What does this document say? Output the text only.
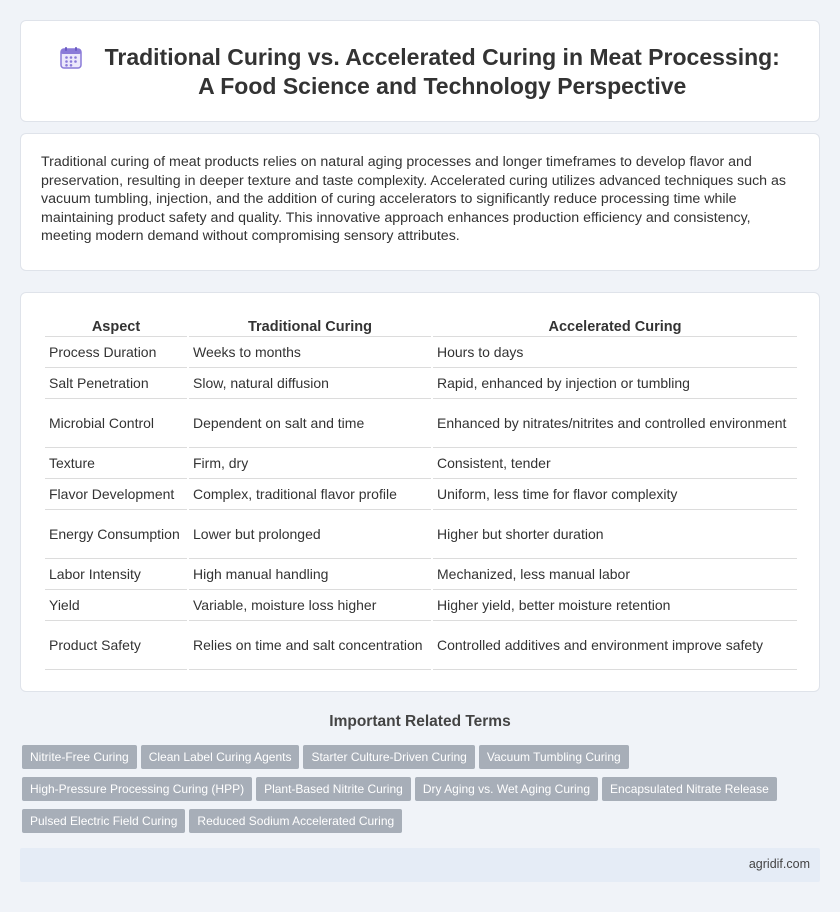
Traditional Curing vs. Accelerated Curing in Meat Processing: A Food Science and Technology Perspective

Traditional curing of meat products relies on natural aging processes and longer timeframes to develop flavor and preservation, resulting in deeper texture and taste complexity. Accelerated curing utilizes advanced techniques such as vacuum tumbling, injection, and the addition of curing accelerators to significantly reduce processing time while maintaining product safety and quality. This innovative approach enhances production efficiency and consistency, meeting modern demand without compromising sensory attributes.

Aspect	Traditional Curing	Accelerated Curing
Process Duration	Weeks to months	Hours to days
Salt Penetration	Slow, natural diffusion	Rapid, enhanced by injection or tumbling
Microbial Control	Dependent on salt and time	Enhanced by nitrates/nitrites and controlled environment
Texture	Firm, dry	Consistent, tender
Flavor Development	Complex, traditional flavor profile	Uniform, less time for flavor complexity
Energy Consumption	Lower but prolonged	Higher but shorter duration
Labor Intensity	High manual handling	Mechanized, less manual labor
Yield	Variable, moisture loss higher	Higher yield, better moisture retention
Product Safety	Relies on time and salt concentration	Controlled additives and environment improve safety
Important Related Terms
Nitrite-Free Curing Clean Label Curing Agents Starter Culture-Driven Curing Vacuum Tumbling Curing
High-Pressure Processing Curing (HPP) Plant-Based Nitrite Curing Dry Aging vs. Wet Aging Curing Encapsulated Nitrate Release
Pulsed Electric Field Curing Reduced Sodium Accelerated Curing
agridif.com
